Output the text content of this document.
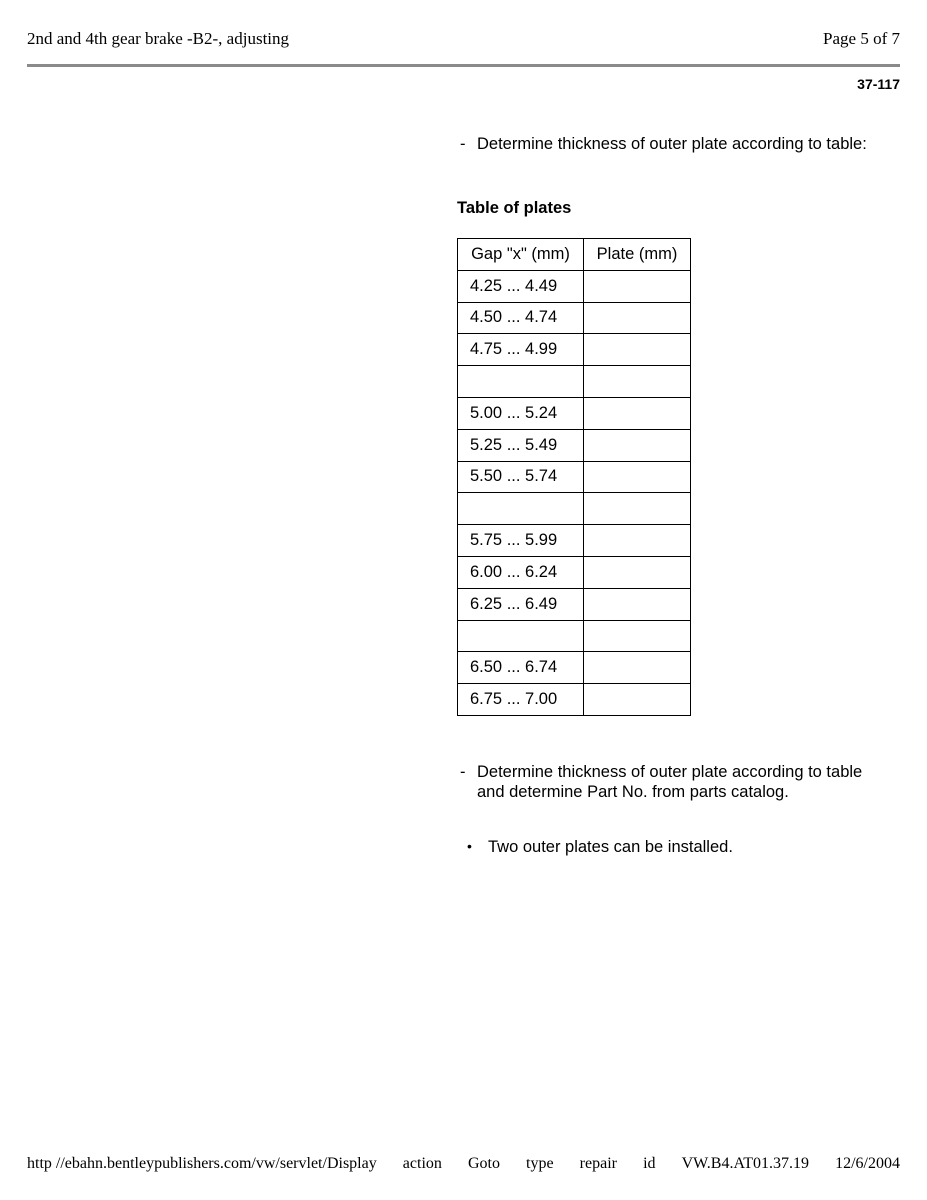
2nd and 4th gear brake -B2-, adjusting	Page 5 of 7
37-117
- Determine thickness of outer plate according to table:
Table of plates
Gap "x" (mm)	Plate (mm)
4.25 ... 4.49	
4.50 ... 4.74	
4.75 ... 4.99	

5.00 ... 5.24	
5.25 ... 5.49	
5.50 ... 5.74	

5.75 ... 5.99	
6.00 ... 6.24	
6.25 ... 6.49	

6.50 ... 6.74	
6.75 ... 7.00	
- Determine thickness of outer plate according to table and determine Part No. from parts catalog.
• Two outer plates can be installed.
http //ebahn.bentleypublishers.com/vw/servlet/Display action Goto type repair id VW.B4.AT01.37.19 12/6/2004
